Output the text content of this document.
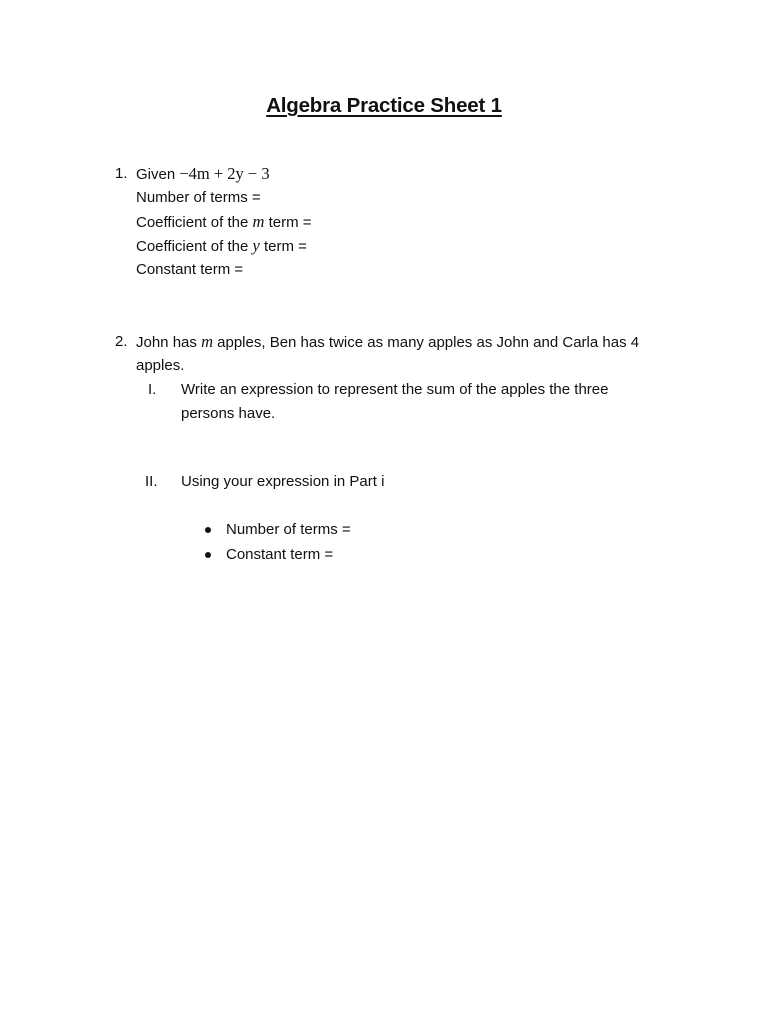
Algebra Practice Sheet 1
1. Given −4m + 2y − 3
Number of terms =
Coefficient of the m term =
Coefficient of the y term =
Constant term =
2. John has m apples, Ben has twice as many apples as John and Carla has 4
apples.
I. Write an expression to represent the sum of the apples the three
persons have.
II. Using your expression in Part i
Number of terms =
Constant term =
